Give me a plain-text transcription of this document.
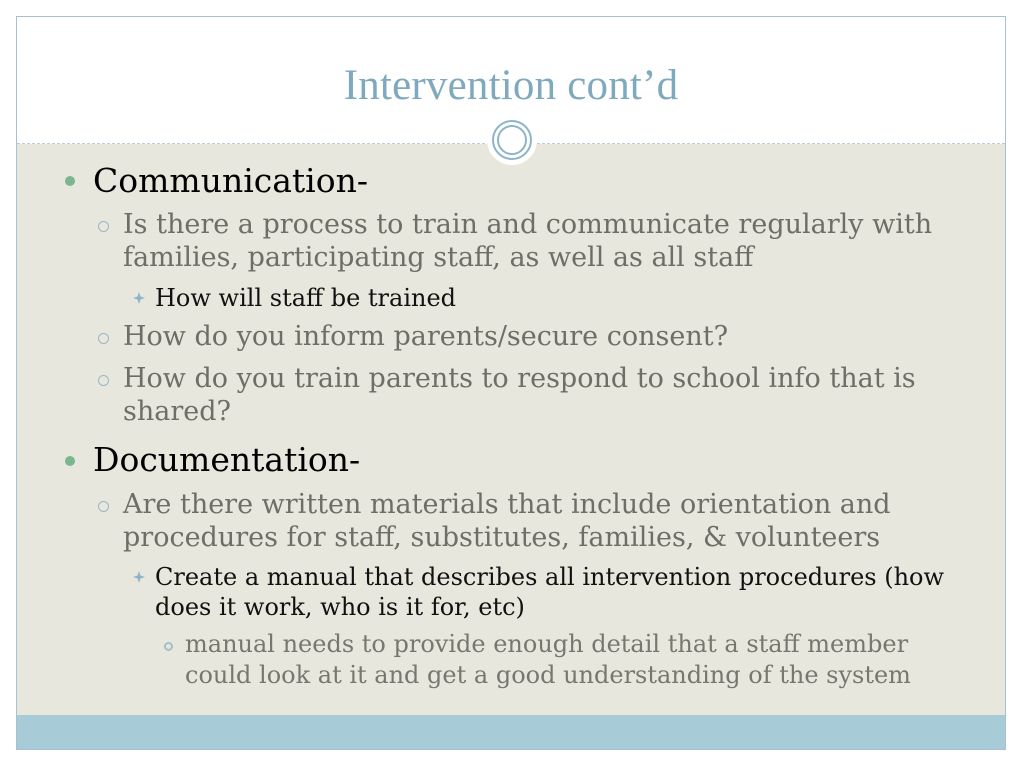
Intervention cont’d
Communication-
Is there a process to train and communicate regularly with families, participating staff, as well as all staff
How will staff be trained
How do you inform parents/secure consent?
How do you train parents to respond to school info that is shared?
Documentation-
Are there written materials that include orientation and procedures for staff, substitutes, families, & volunteers
Create a manual that describes all intervention procedures (how does it work, who is it for, etc)
manual needs to provide enough detail that a staff member could look at it and get a good understanding of the system
